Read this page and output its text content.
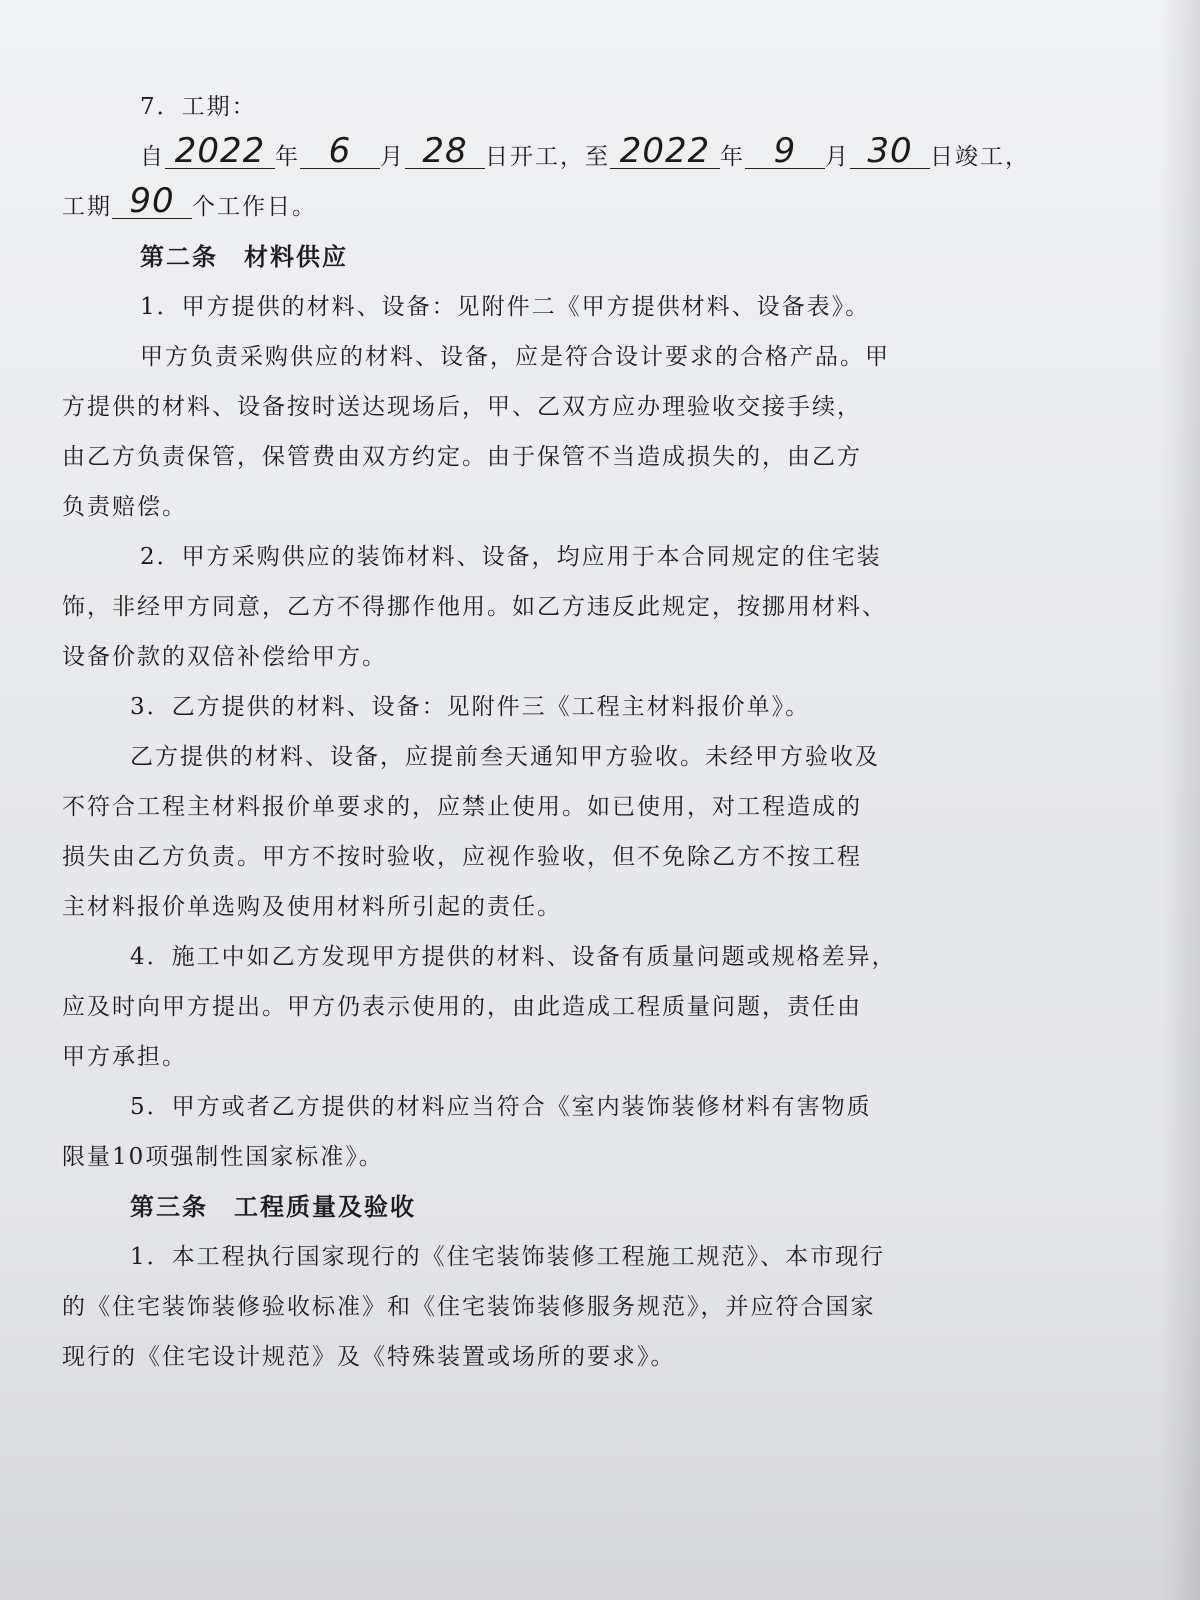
7．工期：
自 2022 年 6 月 28 日开工，至 2022 年 9 月 30 日竣工，
工期 90 个工作日。
第二条　材料供应
1．甲方提供的材料、设备：见附件二《甲方提供材料、设备表》。
甲方负责采购供应的材料、设备，应是符合设计要求的合格产品。甲
方提供的材料、设备按时送达现场后，甲、乙双方应办理验收交接手续，
由乙方负责保管，保管费由双方约定。由于保管不当造成损失的，由乙方
负责赔偿。
2．甲方采购供应的装饰材料、设备，均应用于本合同规定的住宅装
饰，非经甲方同意，乙方不得挪作他用。如乙方违反此规定，按挪用材料、
设备价款的双倍补偿给甲方。
3．乙方提供的材料、设备：见附件三《工程主材料报价单》。
乙方提供的材料、设备，应提前叁天通知甲方验收。未经甲方验收及
不符合工程主材料报价单要求的，应禁止使用。如已使用，对工程造成的
损失由乙方负责。甲方不按时验收，应视作验收，但不免除乙方不按工程
主材料报价单选购及使用材料所引起的责任。
4．施工中如乙方发现甲方提供的材料、设备有质量问题或规格差异，
应及时向甲方提出。甲方仍表示使用的，由此造成工程质量问题，责任由
甲方承担。
5．甲方或者乙方提供的材料应当符合《室内装饰装修材料有害物质
限量10项强制性国家标准》。
第三条　工程质量及验收
1．本工程执行国家现行的《住宅装饰装修工程施工规范》、本市现行
的《住宅装饰装修验收标准》和《住宅装饰装修服务规范》，并应符合国家
现行的《住宅设计规范》及《特殊装置或场所的要求》。
